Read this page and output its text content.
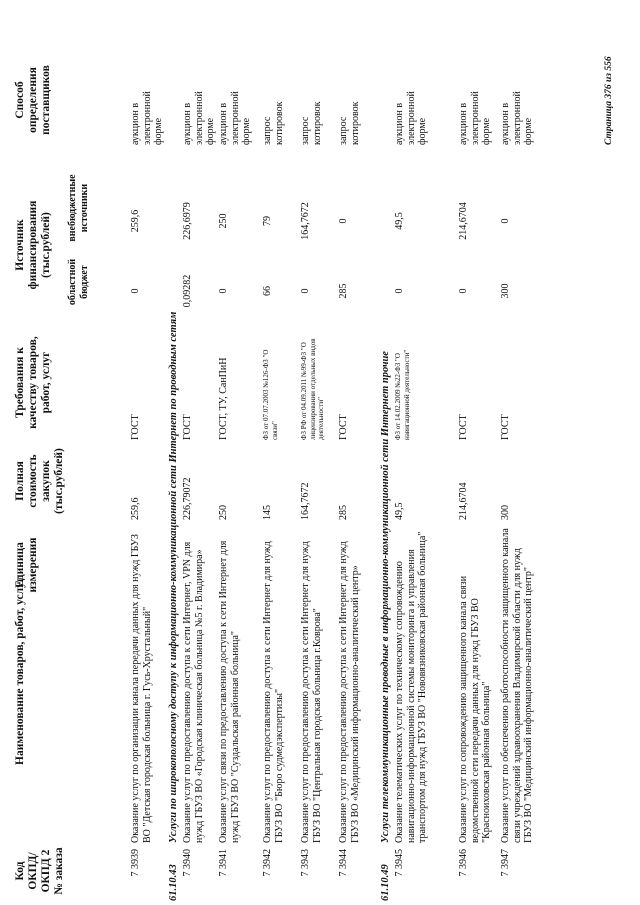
Код ОКПД/ ОКПД 2 № заказа
Наименование товаров, работ, услуг
Единица измерения
Полная стоимость закупок (тыс.рублей)
Требования к качеству товаров, работ, услуг
Источник финансирования (тыс.рублей)
областной бюджет
внебюджетные источники
Способ определения поставщиков
7 3939
Оказание услуг по организации канала передачи данных для нужд ГБУЗ ВО "Детская городская больница г. Гусь-Хрустальный"
259,6
ГОСТ
0
259,6
аукцион в электронной форме
61.10.43
Услуги по широкополосному доступу к информационно-коммуникационной сети Интернет по проводным сетям
7 3940
Оказание услуг по предоставлению доступа к сети Интернет, VPN для нужд ГБУЗ ВО «Городская клиническая больница №5 г. Владимира»
226,79072
ГОСТ
0,09282
226,6979
аукцион в электронной форме
7 3941
Оказание услуг связи по предоставлению доступа к сети Интернет для нужд ГБУЗ ВО "Суздальская районная больница"
250
ГОСТ, ТУ, СанПиН
0
250
аукцион в электронной форме
7 3942
Оказание услуг по предоставлению доступа к сети Интернет для нужд ГБУЗ ВО "Бюро судмедэкспертизы"
145
ФЗ от 07.07.2003 №126-ФЗ "О связи"
66
79
запрос котировок
7 3943
Оказание услуг по предоставлению доступа к сети Интернет для нужд ГБУЗ ВО "Центральная городская больница г.Коврова"
164,7672
ФЗ РФ от 04.09.2011 №99-ФЗ "О лицензировании отдельных видов деятельности"
0
164,7672
запрос котировок
7 3944
Оказание услуг по предоставлению доступа к сети Интернет для нужд ГБУЗ ВО «Медицинский информационно-аналитический центр»
285
ГОСТ
285
0
запрос котировок
61.10.49
Услуги телекоммуникационные проводные в информационно-коммуникационной сети Интернет прочие
7 3945
Оказание телематических услуг по техническому сопровождению навигационно-информационной системы мониторинга и управления транспортом для нужд ГБУЗ ВО "Нововязниковская районная больница"
49,5
ФЗ от 14.02.2009 №22-ФЗ "О навигационной деятельности"
0
49,5
аукцион в электронной форме
7 3946
Оказание услуг по сопровождению защищенного канала связи ведомственной сети передачи данных для нужд ГБУЗ ВО "Красноиховская районная больница"
214,6704
ГОСТ
0
214,6704
аукцион в электронной форме
7 3947
Оказание услуг по обеспечению работоспособности защищенного канала связи учреждений здравоохранения Владимирской области для нужд ГБУЗ ВО "Медицинский информационно-аналитический центр"
300
ГОСТ
300
0
аукцион в электронной форме	Страница 376 из 556
